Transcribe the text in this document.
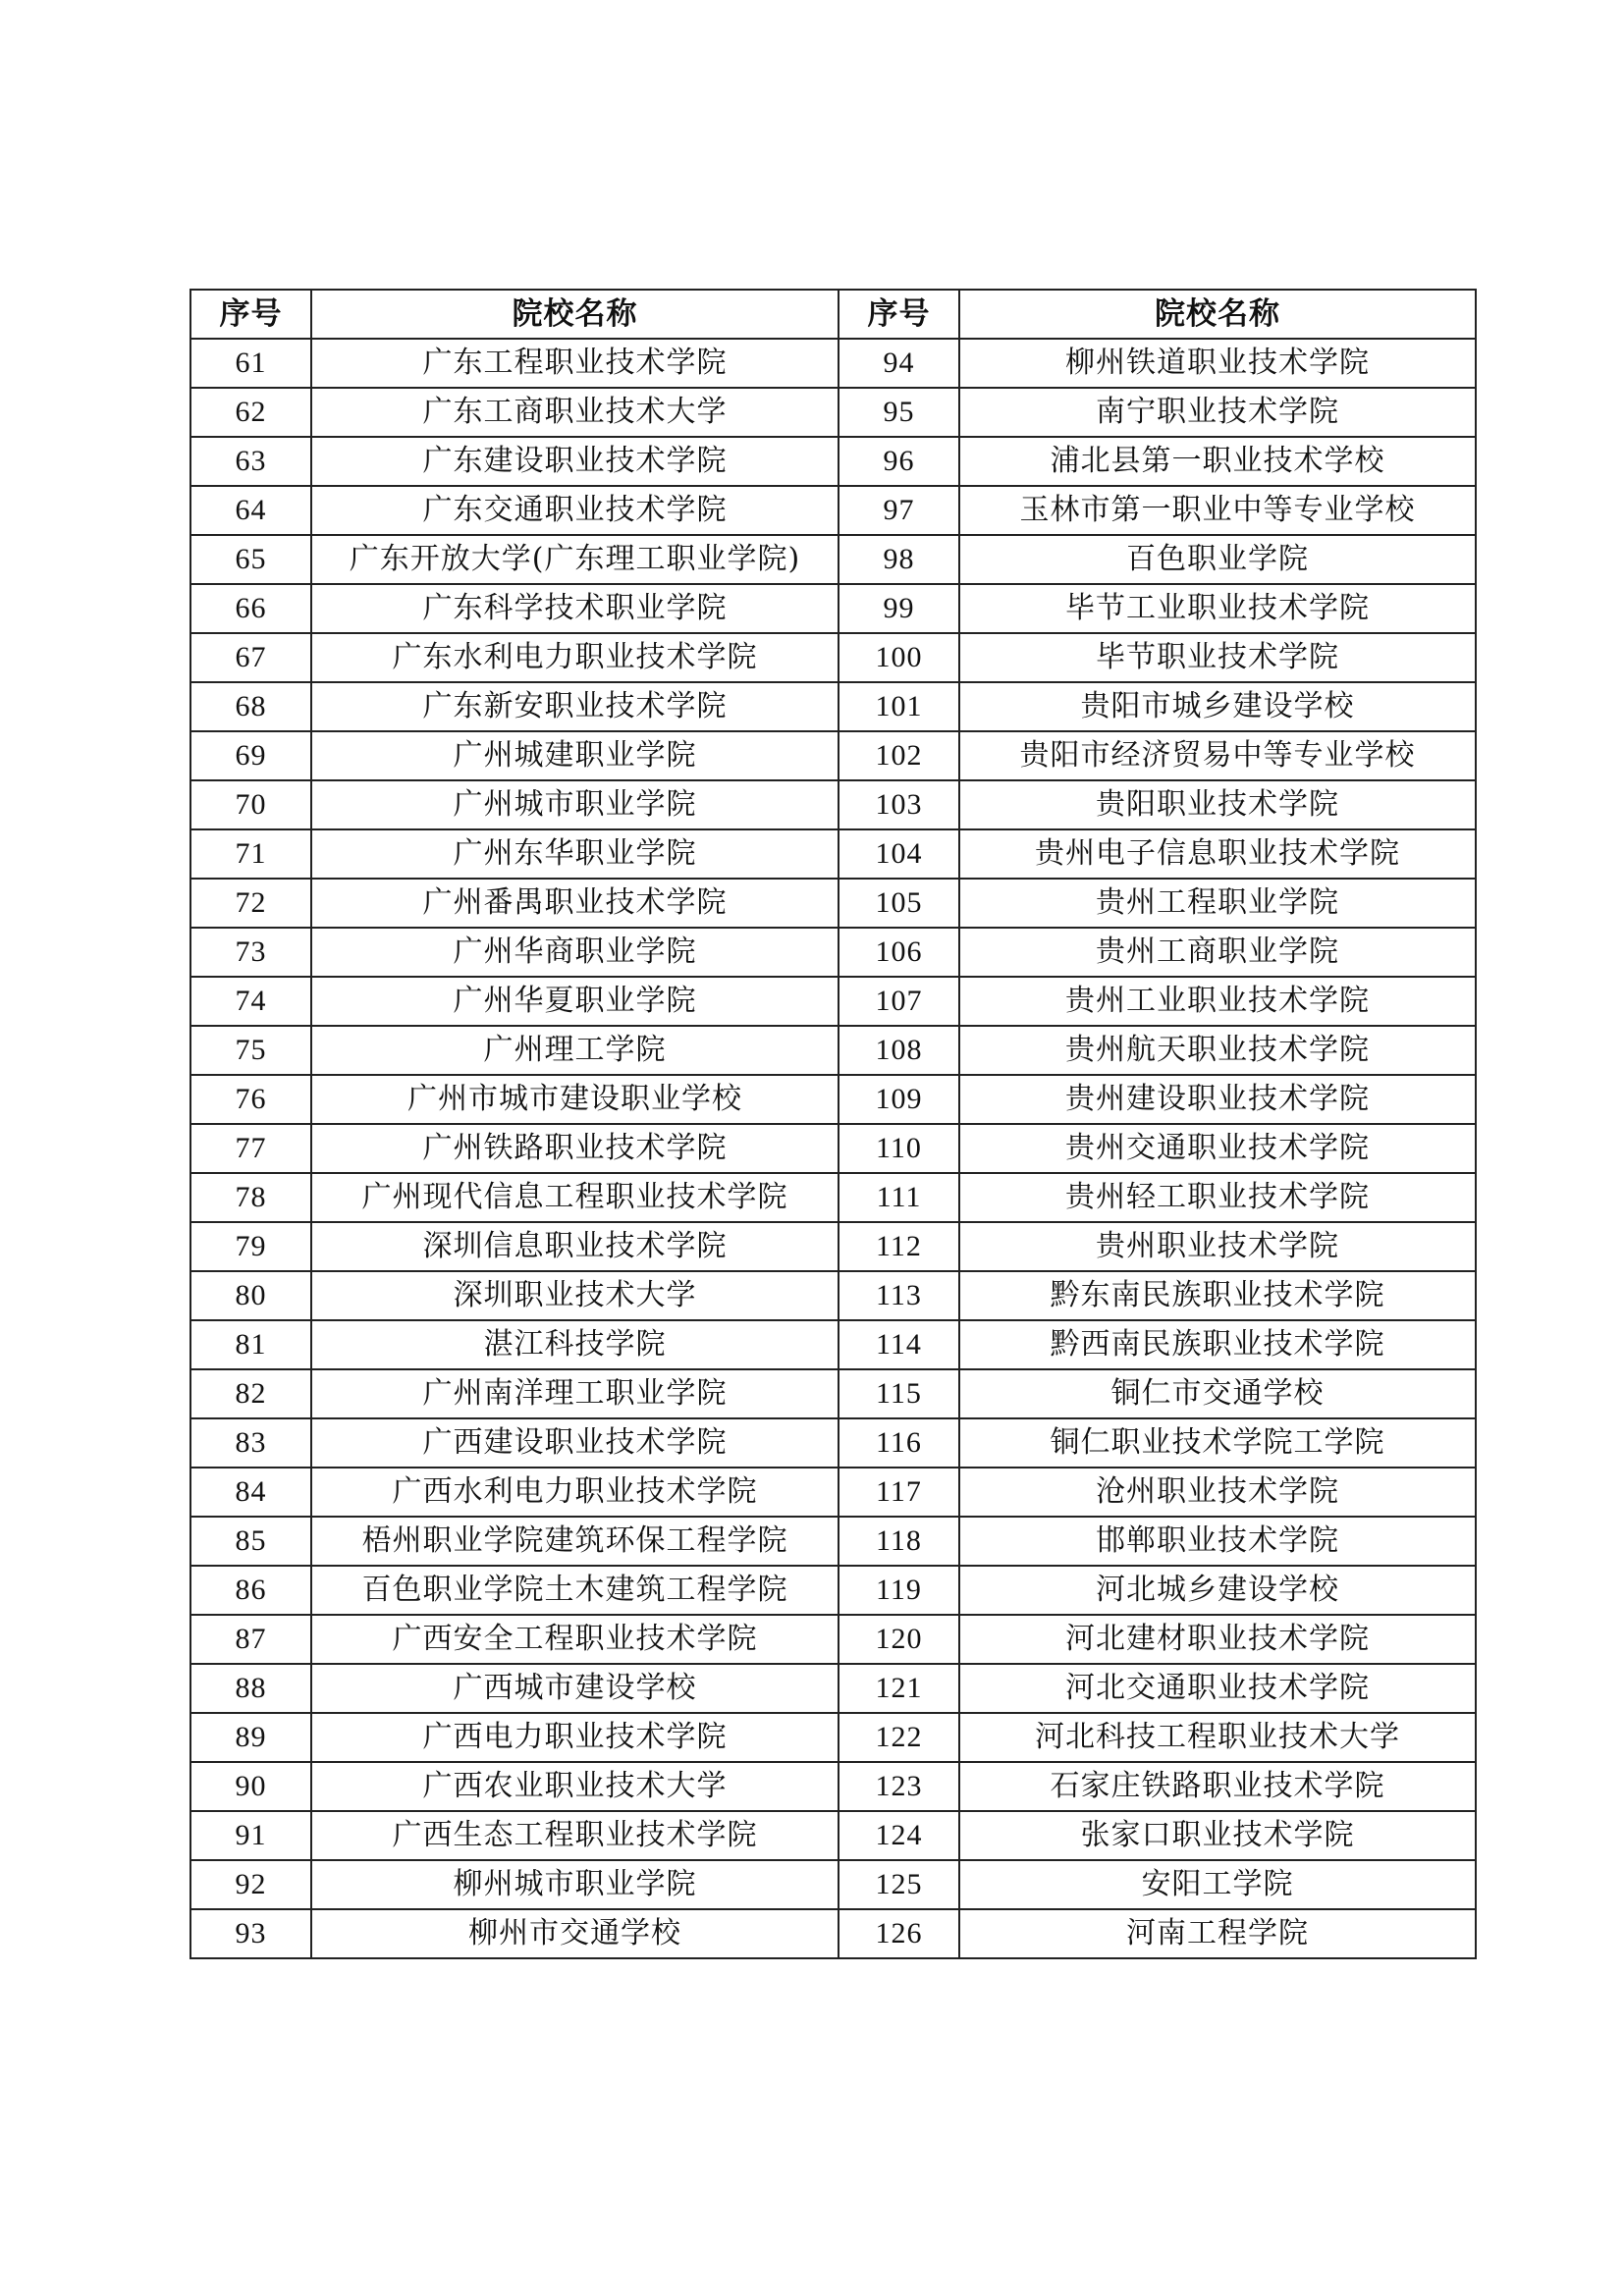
序号	院校名称	序号	院校名称
61	广东工程职业技术学院	94	柳州铁道职业技术学院
62	广东工商职业技术大学	95	南宁职业技术学院
63	广东建设职业技术学院	96	浦北县第一职业技术学校
64	广东交通职业技术学院	97	玉林市第一职业中等专业学校
65	广东开放大学(广东理工职业学院)	98	百色职业学院
66	广东科学技术职业学院	99	毕节工业职业技术学院
67	广东水利电力职业技术学院	100	毕节职业技术学院
68	广东新安职业技术学院	101	贵阳市城乡建设学校
69	广州城建职业学院	102	贵阳市经济贸易中等专业学校
70	广州城市职业学院	103	贵阳职业技术学院
71	广州东华职业学院	104	贵州电子信息职业技术学院
72	广州番禺职业技术学院	105	贵州工程职业学院
73	广州华商职业学院	106	贵州工商职业学院
74	广州华夏职业学院	107	贵州工业职业技术学院
75	广州理工学院	108	贵州航天职业技术学院
76	广州市城市建设职业学校	109	贵州建设职业技术学院
77	广州铁路职业技术学院	110	贵州交通职业技术学院
78	广州现代信息工程职业技术学院	111	贵州轻工职业技术学院
79	深圳信息职业技术学院	112	贵州职业技术学院
80	深圳职业技术大学	113	黔东南民族职业技术学院
81	湛江科技学院	114	黔西南民族职业技术学院
82	广州南洋理工职业学院	115	铜仁市交通学校
83	广西建设职业技术学院	116	铜仁职业技术学院工学院
84	广西水利电力职业技术学院	117	沧州职业技术学院
85	梧州职业学院建筑环保工程学院	118	邯郸职业技术学院
86	百色职业学院土木建筑工程学院	119	河北城乡建设学校
87	广西安全工程职业技术学院	120	河北建材职业技术学院
88	广西城市建设学校	121	河北交通职业技术学院
89	广西电力职业技术学院	122	河北科技工程职业技术大学
90	广西农业职业技术大学	123	石家庄铁路职业技术学院
91	广西生态工程职业技术学院	124	张家口职业技术学院
92	柳州城市职业学院	125	安阳工学院
93	柳州市交通学校	126	河南工程学院
